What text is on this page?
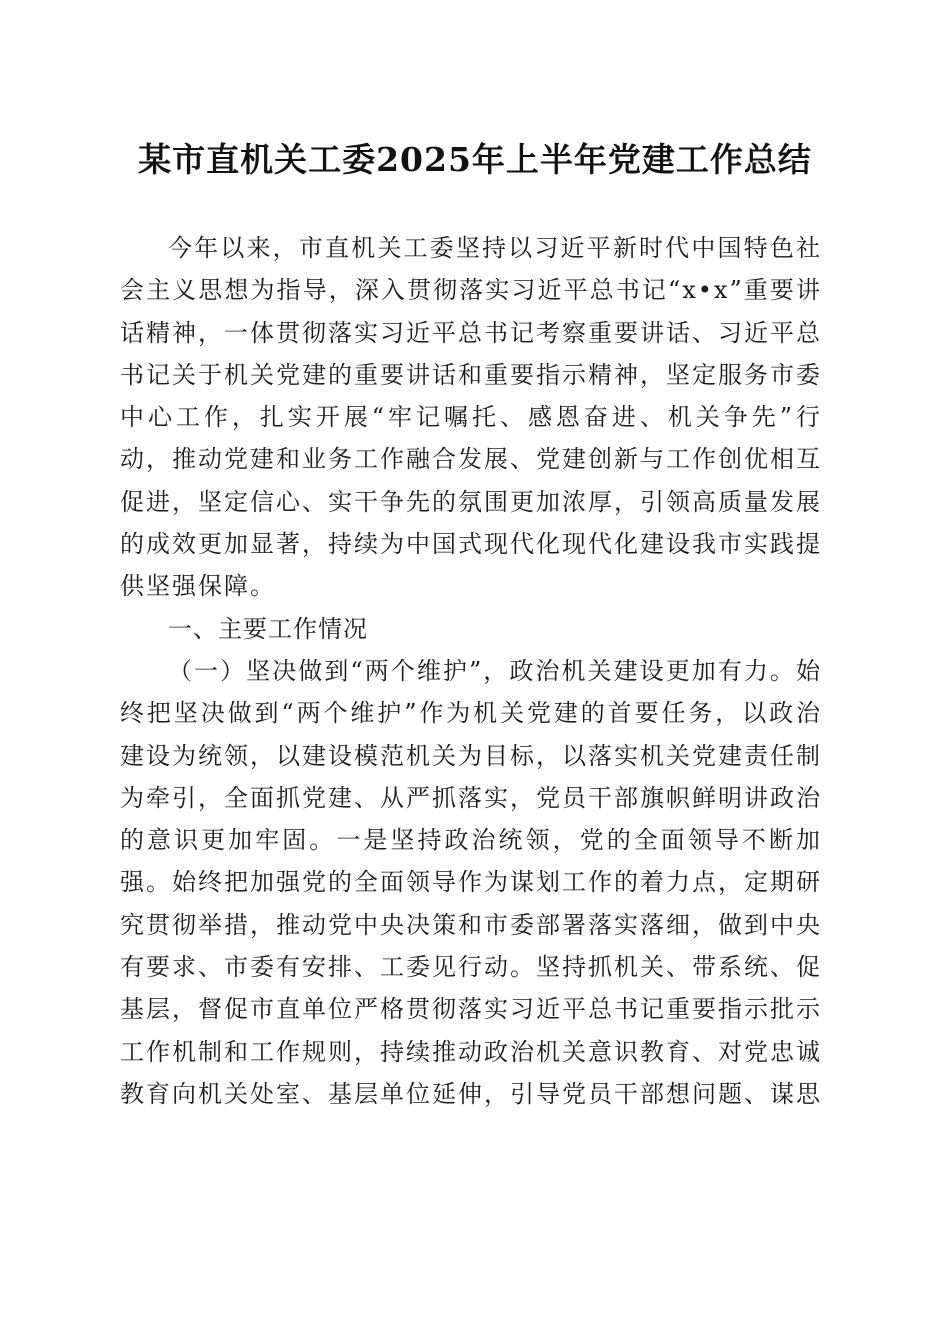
某市直机关工委2025年上半年党建工作总结

今年以来，市直机关工委坚持以习近平新时代中国特色社会主义思想为指导，深入贯彻落实习近平总书记“x•x”重要讲话精神，一体贯彻落实习近平总书记考察重要讲话、习近平总书记关于机关党建的重要讲话和重要指示精神，坚定服务市委中心工作，扎实开展“牢记嘱托、感恩奋进、机关争先”行动，推动党建和业务工作融合发展、党建创新与工作创优相互促进，坚定信心、实干争先的氛围更加浓厚，引领高质量发展的成效更加显著，持续为中国式现代化现代化建设我市实践提供坚强保障。

一、主要工作情况

（一）坚决做到“两个维护”，政治机关建设更加有力。始终把坚决做到“两个维护”作为机关党建的首要任务，以政治建设为统领，以建设模范机关为目标，以落实机关党建责任制为牵引，全面抓党建、从严抓落实，党员干部旗帜鲜明讲政治的意识更加牢固。一是坚持政治统领，党的全面领导不断加强。始终把加强党的全面领导作为谋划工作的着力点，定期研究贯彻举措，推动党中央决策和市委部署落实落细，做到中央有要求、市委有安排、工委见行动。坚持抓机关、带系统、促基层，督促市直单位严格贯彻落实习近平总书记重要指示批示工作机制和工作规则，持续推动政治机关意识教育、对党忠诚教育向机关处室、基层单位延伸，引导党员干部想问题、谋思
